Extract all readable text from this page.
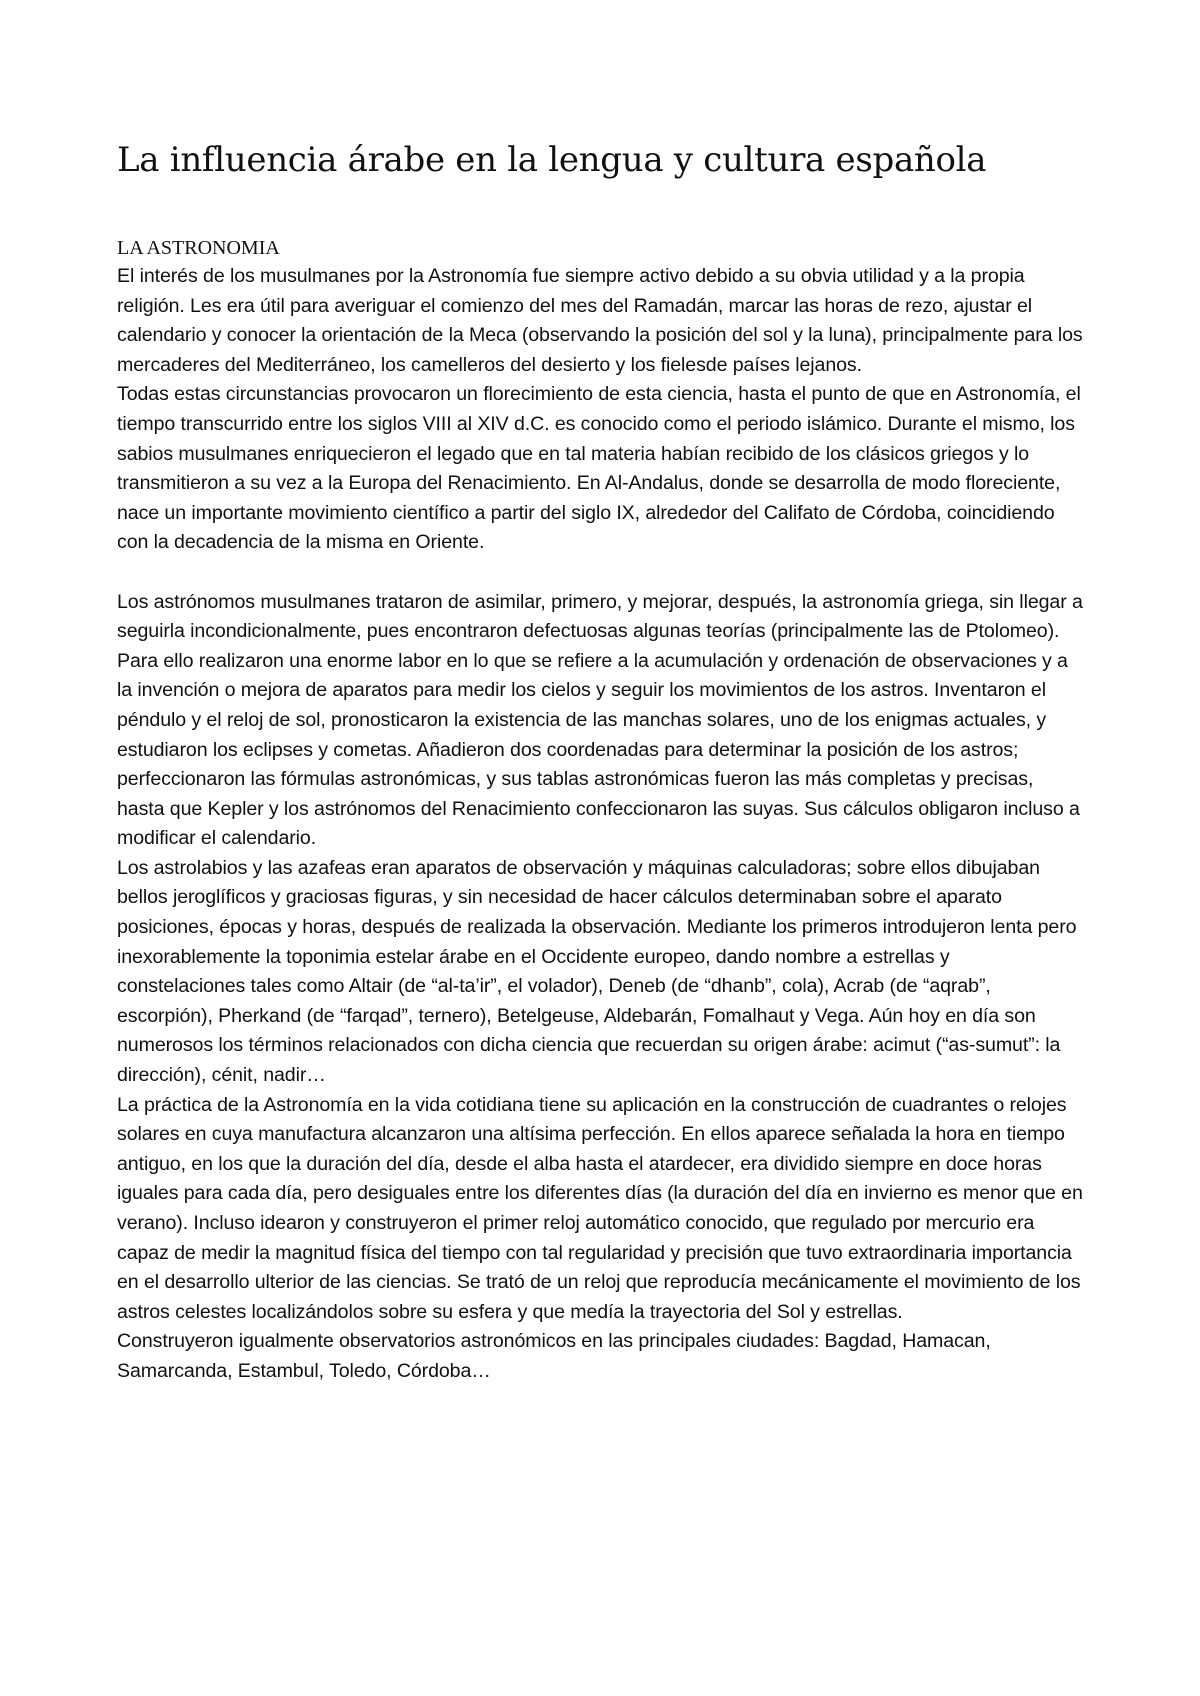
La influencia árabe en la lengua y cultura española
LA ASTRONOMIA

El interés de los musulmanes por la Astronomía fue siempre activo debido a su obvia utilidad y a la propia religión. Les era útil para averiguar el comienzo del mes del Ramadán, marcar las horas de rezo, ajustar el calendario y conocer la orientación de la Meca (observando la posición del sol y la luna), principalmente para los mercaderes del Mediterráneo, los camelleros del desierto y los fielesde países lejanos.

Todas estas circunstancias provocaron un florecimiento de esta ciencia, hasta el punto de que en Astronomía, el tiempo transcurrido entre los siglos VIII al XIV d.C. es conocido como el periodo islámico. Durante el mismo, los sabios musulmanes enriquecieron el legado que en tal materia habían recibido de los clásicos griegos y lo transmitieron a su vez a la Europa del Renacimiento. En Al-Andalus, donde se desarrolla de modo floreciente, nace un importante movimiento científico a partir del siglo IX, alrededor del Califato de Córdoba, coincidiendo con la decadencia de la misma en Oriente.

Los astrónomos musulmanes trataron de asimilar, primero, y mejorar, después, la astronomía griega, sin llegar a seguirla incondicionalmente, pues encontraron defectuosas algunas teorías (principalmente las de Ptolomeo). Para ello realizaron una enorme labor en lo que se refiere a la acumulación y ordenación de observaciones y a la invención o mejora de aparatos para medir los cielos y seguir los movimientos de los astros. Inventaron el péndulo y el reloj de sol, pronosticaron la existencia de las manchas solares, uno de los enigmas actuales, y estudiaron los eclipses y cometas. Añadieron dos coordenadas para determinar la posición de los astros; perfeccionaron las fórmulas astronómicas, y sus tablas astronómicas fueron las más completas y precisas, hasta que Kepler y los astrónomos del Renacimiento confeccionaron las suyas. Sus cálculos obligaron incluso a modificar el calendario.

Los astrolabios y las azafeas eran aparatos de observación y máquinas calculadoras; sobre ellos dibujaban bellos jeroglíficos y graciosas figuras, y sin necesidad de hacer cálculos determinaban sobre el aparato posiciones, épocas y horas, después de realizada la observación. Mediante los primeros introdujeron lenta pero inexorablemente la toponimia estelar árabe en el Occidente europeo, dando nombre a estrellas y constelaciones tales como Altair (de “al-ta’ir”, el volador), Deneb (de “dhanb”, cola), Acrab (de “aqrab”, escorpión), Pherkand (de “farqad”, ternero), Betelgeuse, Aldebarán, Fomalhaut y Vega. Aún hoy en día son numerosos los términos relacionados con dicha ciencia que recuerdan su origen árabe: acimut (“as-sumut”: la dirección), cénit, nadir…

La práctica de la Astronomía en la vida cotidiana tiene su aplicación en la construcción de cuadrantes o relojes solares en cuya manufactura alcanzaron una altísima perfección. En ellos aparece señalada la hora en tiempo antiguo, en los que la duración del día, desde el alba hasta el atardecer, era dividido siempre en doce horas iguales para cada día, pero desiguales entre los diferentes días (la duración del día en invierno es menor que en verano). Incluso idearon y construyeron el primer reloj automático conocido, que regulado por mercurio era capaz de medir la magnitud física del tiempo con tal regularidad y precisión que tuvo extraordinaria importancia en el desarrollo ulterior de las ciencias. Se trató de un reloj que reproducía mecánicamente el movimiento de los astros celestes localizándolos sobre su esfera y que medía la trayectoria del Sol y estrellas.

Construyeron igualmente observatorios astronómicos en las principales ciudades: Bagdad, Hamacan, Samarcanda, Estambul, Toledo, Córdoba…
